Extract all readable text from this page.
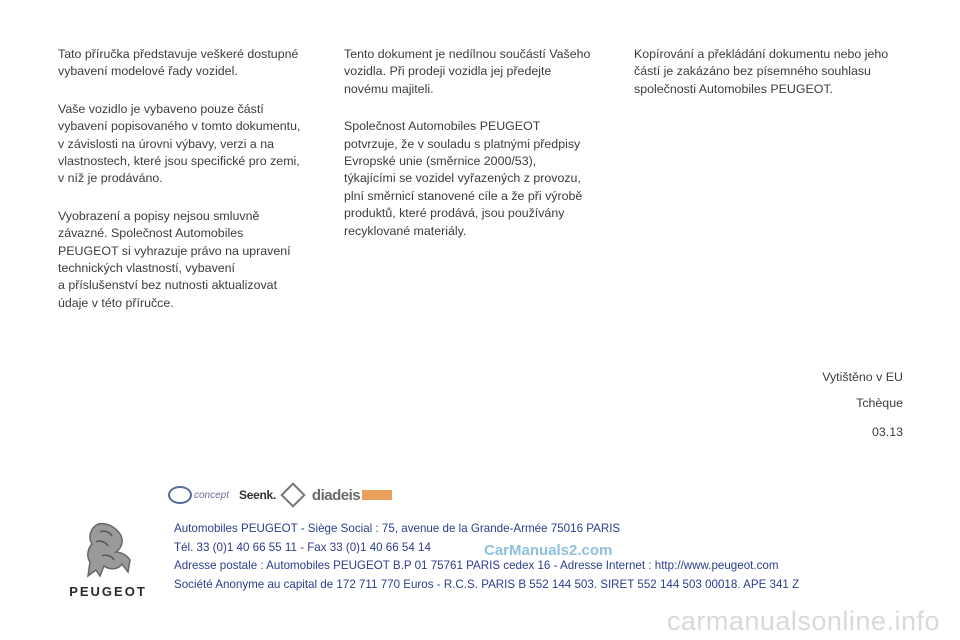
Tato příručka představuje veškeré dostupné
vybavení modelové řady vozidel.

Vaše vozidlo je vybaveno pouze částí
vybavení popisovaného v tomto dokumentu,
v závislosti na úrovni výbavy, verzi a na
vlastnostech, které jsou specifické pro zemi,
v níž je prodáváno.

Vyobrazení a popisy nejsou smluvně
závazné. Společnost Automobiles
PEUGEOT si vyhrazuje právo na upravení
technických vlastností, vybavení
a příslušenství bez nutnosti aktualizovat
údaje v této příručce.

Tento dokument je nedílnou součástí Vašeho
vozidla. Při prodeji vozidla jej předejte
novému majiteli.

Společnost Automobiles PEUGEOT
potvrzuje, že v souladu s platnými předpisy
Evropské unie (směrnice 2000/53),
týkajícími se vozidel vyřazených z provozu,
plní směrnicí stanovené cíle a že při výrobě
produktů, které prodává, jsou používány
recyklované materiály.

Kopírování a překládání dokumentu nebo jeho
částí je zakázáno bez písemného souhlasu
společnosti Automobiles PEUGEOT.

Vytištěno v EU
Tchèque
03.13
concept Seenk. diadeis
PEUGEOT
Automobiles PEUGEOT - Siège Social : 75, avenue de la Grande-Armée 75016 PARIS
Tél. 33 (0)1 40 66 55 11 - Fax 33 (0)1 40 66 54 14
Adresse postale : Automobiles PEUGEOT B.P 01 75761 PARIS cedex 16 - Adresse Internet : http://www.peugeot.com
Société Anonyme au capital de 172 711 770 Euros - R.C.S. PARIS B 552 144 503. SIRET 552 144 503 00018. APE 341 Z
CarManuals2.com
carmanualsonline.info
